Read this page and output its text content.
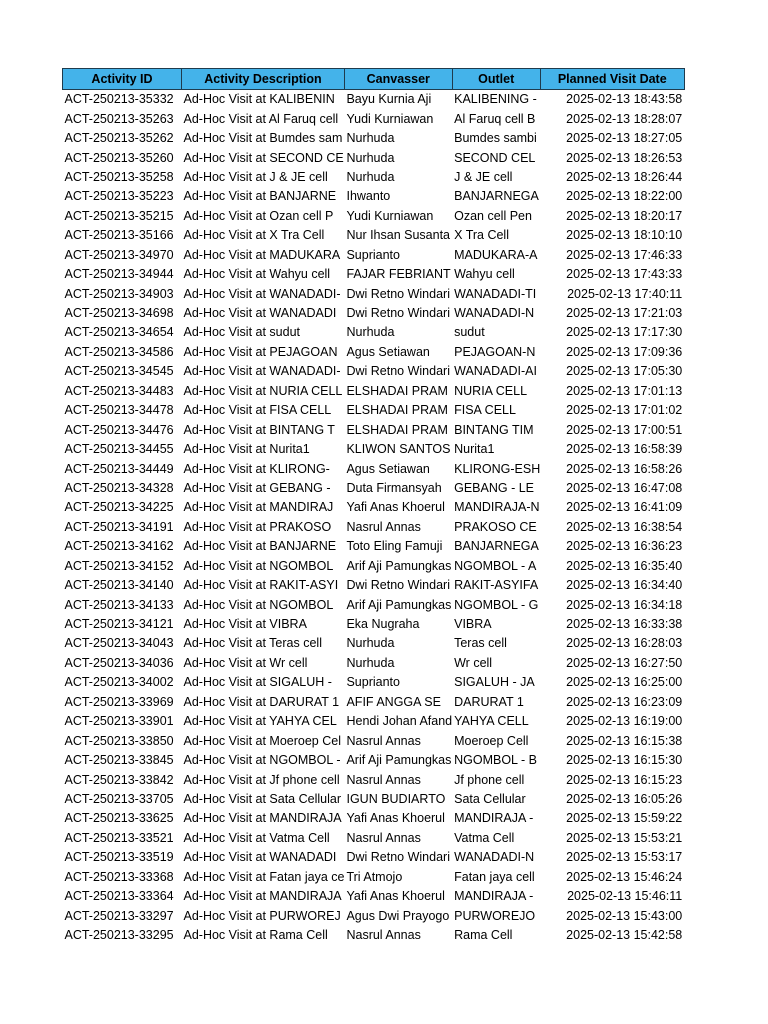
Activity ID	Activity Description	Canvasser	Outlet	Planned Visit Date
ACT-250213-35332	Ad-Hoc Visit at KALIBENIN	Bayu Kurnia Aji	KALIBENING -	2025-02-13 18:43:58
ACT-250213-35263	Ad-Hoc Visit at Al Faruq cell	Yudi Kurniawan	Al Faruq cell B	2025-02-13 18:28:07
ACT-250213-35262	Ad-Hoc Visit at Bumdes sam	Nurhuda	Bumdes sambi	2025-02-13 18:27:05
ACT-250213-35260	Ad-Hoc Visit at SECOND CE	Nurhuda	SECOND CEL	2025-02-13 18:26:53
ACT-250213-35258	Ad-Hoc Visit at J & JE cell	Nurhuda	J & JE cell	2025-02-13 18:26:44
ACT-250213-35223	Ad-Hoc Visit at BANJARNE	Ihwanto	BANJARNEGA	2025-02-13 18:22:00
ACT-250213-35215	Ad-Hoc Visit at Ozan cell P	Yudi Kurniawan	Ozan cell Pen	2025-02-13 18:20:17
ACT-250213-35166	Ad-Hoc Visit at X Tra Cell	Nur Ihsan Susanta	X Tra Cell	2025-02-13 18:10:10
ACT-250213-34970	Ad-Hoc Visit at MADUKARA	Suprianto	MADUKARA-A	2025-02-13 17:46:33
ACT-250213-34944	Ad-Hoc Visit at Wahyu cell	FAJAR FEBRIANT	Wahyu cell	2025-02-13 17:43:33
ACT-250213-34903	Ad-Hoc Visit at WANADADI-	Dwi Retno Windari	WANADADI-TI	2025-02-13 17:40:11
ACT-250213-34698	Ad-Hoc Visit at WANADADI	Dwi Retno Windari	WANADADI-N	2025-02-13 17:21:03
ACT-250213-34654	Ad-Hoc Visit at sudut	Nurhuda	sudut	2025-02-13 17:17:30
ACT-250213-34586	Ad-Hoc Visit at PEJAGOAN	Agus Setiawan	PEJAGOAN-N	2025-02-13 17:09:36
ACT-250213-34545	Ad-Hoc Visit at WANADADI-	Dwi Retno Windari	WANADADI-AI	2025-02-13 17:05:30
ACT-250213-34483	Ad-Hoc Visit at NURIA CELL	ELSHADAI PRAM	NURIA CELL	2025-02-13 17:01:13
ACT-250213-34478	Ad-Hoc Visit at FISA CELL	ELSHADAI PRAM	FISA CELL	2025-02-13 17:01:02
ACT-250213-34476	Ad-Hoc Visit at BINTANG T	ELSHADAI PRAM	BINTANG TIM	2025-02-13 17:00:51
ACT-250213-34455	Ad-Hoc Visit at Nurita1	KLIWON SANTOS	Nurita1	2025-02-13 16:58:39
ACT-250213-34449	Ad-Hoc Visit at KLIRONG-	Agus Setiawan	KLIRONG-ESH	2025-02-13 16:58:26
ACT-250213-34328	Ad-Hoc Visit at GEBANG -	Duta Firmansyah	GEBANG - LE	2025-02-13 16:47:08
ACT-250213-34225	Ad-Hoc Visit at MANDIRAJ	Yafi Anas Khoerul	MANDIRAJA-N	2025-02-13 16:41:09
ACT-250213-34191	Ad-Hoc Visit at PRAKOSO	Nasrul Annas	PRAKOSO CE	2025-02-13 16:38:54
ACT-250213-34162	Ad-Hoc Visit at BANJARNE	Toto Eling Famuji	BANJARNEGA	2025-02-13 16:36:23
ACT-250213-34152	Ad-Hoc Visit at NGOMBOL	Arif Aji Pamungkas	NGOMBOL - A	2025-02-13 16:35:40
ACT-250213-34140	Ad-Hoc Visit at RAKIT-ASYI	Dwi Retno Windari	RAKIT-ASYIFA	2025-02-13 16:34:40
ACT-250213-34133	Ad-Hoc Visit at NGOMBOL	Arif Aji Pamungkas	NGOMBOL - G	2025-02-13 16:34:18
ACT-250213-34121	Ad-Hoc Visit at VIBRA	Eka Nugraha	VIBRA	2025-02-13 16:33:38
ACT-250213-34043	Ad-Hoc Visit at Teras cell	Nurhuda	Teras cell	2025-02-13 16:28:03
ACT-250213-34036	Ad-Hoc Visit at Wr cell	Nurhuda	Wr cell	2025-02-13 16:27:50
ACT-250213-34002	Ad-Hoc Visit at SIGALUH -	Suprianto	SIGALUH - JA	2025-02-13 16:25:00
ACT-250213-33969	Ad-Hoc Visit at DARURAT 1	AFIF ANGGA SE	DARURAT 1	2025-02-13 16:23:09
ACT-250213-33901	Ad-Hoc Visit at YAHYA CEL	Hendi Johan Afand	YAHYA CELL	2025-02-13 16:19:00
ACT-250213-33850	Ad-Hoc Visit at Moeroep Cel	Nasrul Annas	Moeroep Cell	2025-02-13 16:15:38
ACT-250213-33845	Ad-Hoc Visit at NGOMBOL -	Arif Aji Pamungkas	NGOMBOL - B	2025-02-13 16:15:30
ACT-250213-33842	Ad-Hoc Visit at Jf phone cell	Nasrul Annas	Jf phone cell	2025-02-13 16:15:23
ACT-250213-33705	Ad-Hoc Visit at Sata Cellular	IGUN BUDIARTO	Sata Cellular	2025-02-13 16:05:26
ACT-250213-33625	Ad-Hoc Visit at MANDIRAJA	Yafi Anas Khoerul	MANDIRAJA -	2025-02-13 15:59:22
ACT-250213-33521	Ad-Hoc Visit at Vatma Cell	Nasrul Annas	Vatma Cell	2025-02-13 15:53:21
ACT-250213-33519	Ad-Hoc Visit at WANADADI	Dwi Retno Windari	WANADADI-N	2025-02-13 15:53:17
ACT-250213-33368	Ad-Hoc Visit at Fatan jaya ce	Tri Atmojo	Fatan jaya cell	2025-02-13 15:46:24
ACT-250213-33364	Ad-Hoc Visit at MANDIRAJA	Yafi Anas Khoerul	MANDIRAJA -	2025-02-13 15:46:11
ACT-250213-33297	Ad-Hoc Visit at PURWOREJ	Agus Dwi Prayogo	PURWOREJO	2025-02-13 15:43:00
ACT-250213-33295	Ad-Hoc Visit at Rama Cell	Nasrul Annas	Rama Cell	2025-02-13 15:42:58
